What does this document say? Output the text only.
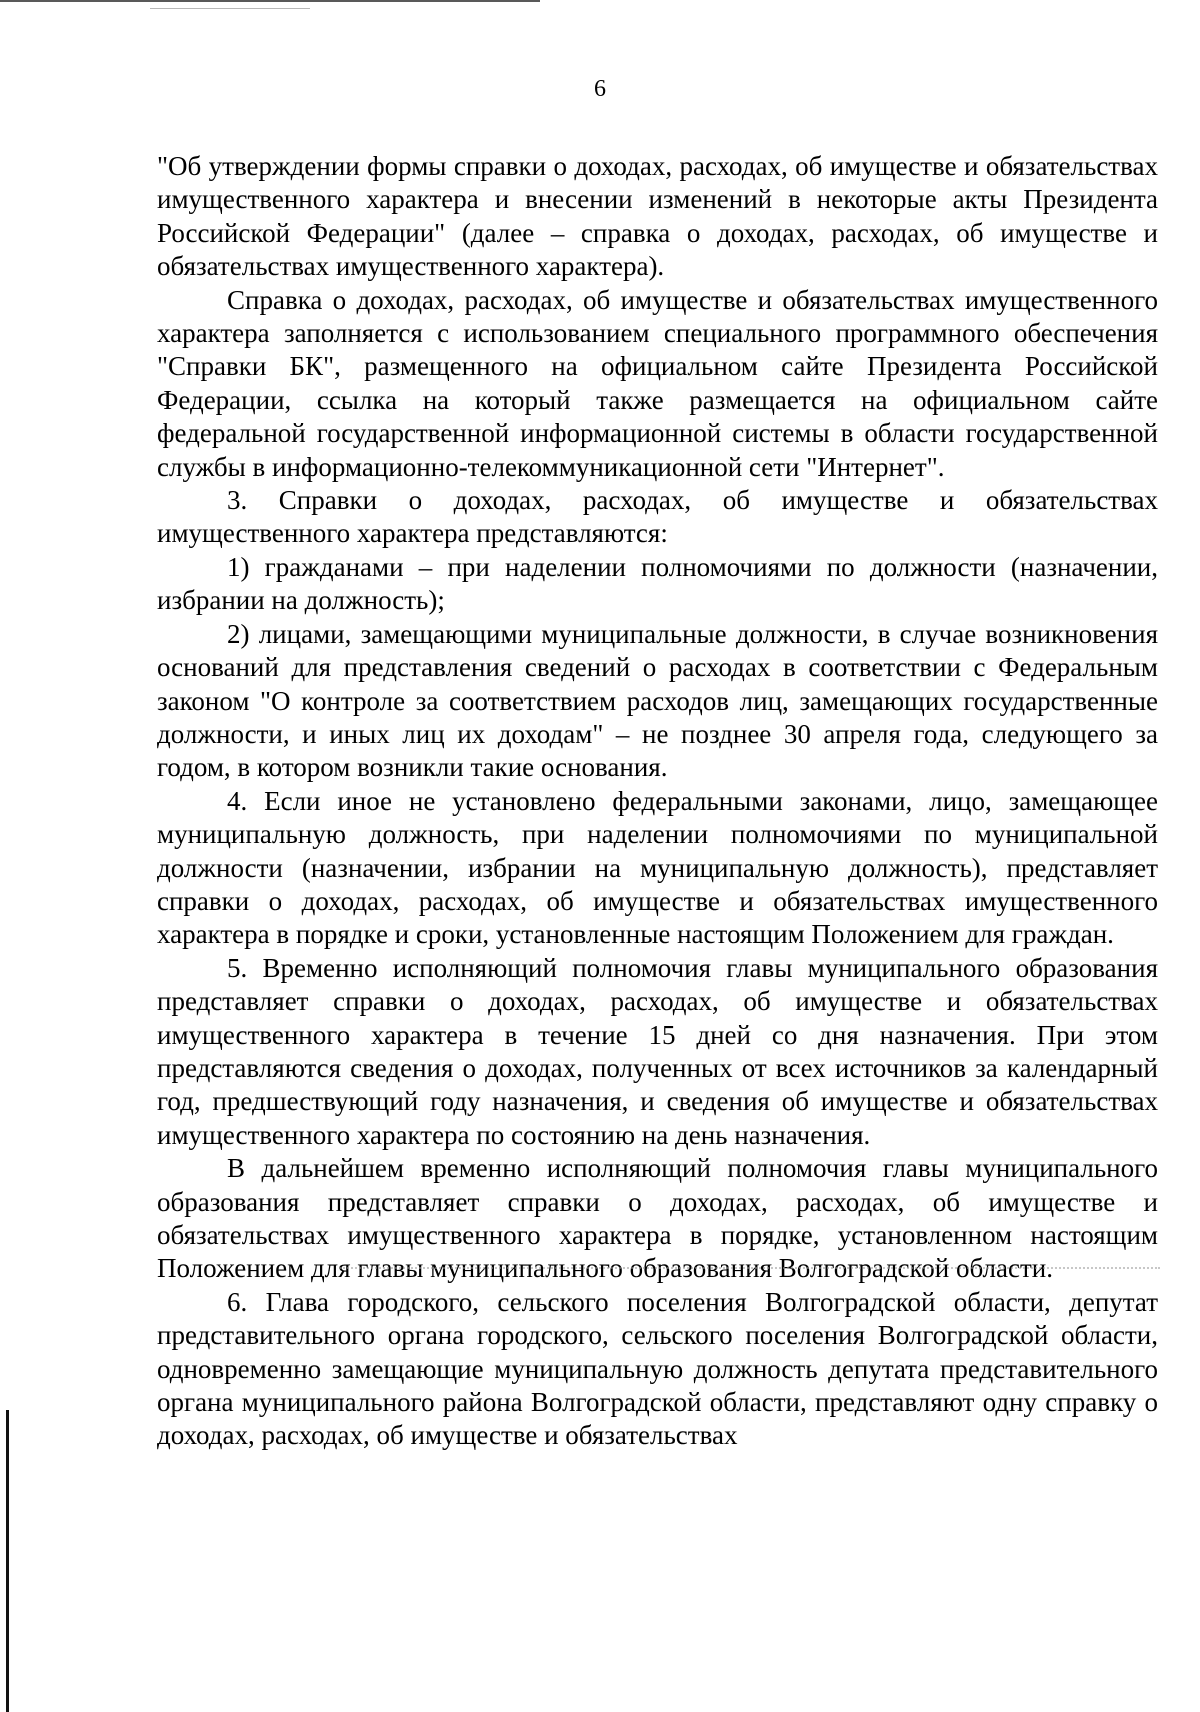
6

"Об утверждении формы справки о доходах, расходах, об имуществе и обязательствах имущественного характера и внесении изменений в некоторые акты Президента Российской Федерации" (далее – справка о доходах, расходах, об имуществе и обязательствах имущественного характера).

Справка о доходах, расходах, об имуществе и обязательствах имущественного характера заполняется с использованием специального программного обеспечения "Справки БК", размещенного на официальном сайте Президента Российской Федерации, ссылка на который также размещается на официальном сайте федеральной государственной информационной системы в области государственной службы в информационно-телекоммуникационной сети "Интернет".

3. Справки о доходах, расходах, об имуществе и обязательствах имущественного характера представляются:

1) гражданами – при наделении полномочиями по должности (назначении, избрании на должность);

2) лицами, замещающими муниципальные должности, в случае возникновения оснований для представления сведений о расходах в соответствии с Федеральным законом "О контроле за соответствием расходов лиц, замещающих государственные должности, и иных лиц их доходам" – не позднее 30 апреля года, следующего за годом, в котором возникли такие основания.

4. Если иное не установлено федеральными законами, лицо, замещающее муниципальную должность, при наделении полномочиями по муниципальной должности (назначении, избрании на муниципальную должность), представляет справки о доходах, расходах, об имуществе и обязательствах имущественного характера в порядке и сроки, установленные настоящим Положением для граждан.

5. Временно исполняющий полномочия главы муниципального образования представляет справки о доходах, расходах, об имуществе и обязательствах имущественного характера в течение 15 дней со дня назначения. При этом представляются сведения о доходах, полученных от всех источников за календарный год, предшествующий году назначения, и сведения об имуществе и обязательствах имущественного характера по состоянию на день назначения.

В дальнейшем временно исполняющий полномочия главы муниципального образования представляет справки о доходах, расходах, об имуществе и обязательствах имущественного характера в порядке, установленном настоящим Положением для главы муниципального образования Волгоградской области.

6. Глава городского, сельского поселения Волгоградской области, депутат представительного органа городского, сельского поселения Волгоградской области, одновременно замещающие муниципальную должность депутата представительного органа муниципального района Волгоградской области, представляют одну справку о доходах, расходах, об имуществе и обязательствах
